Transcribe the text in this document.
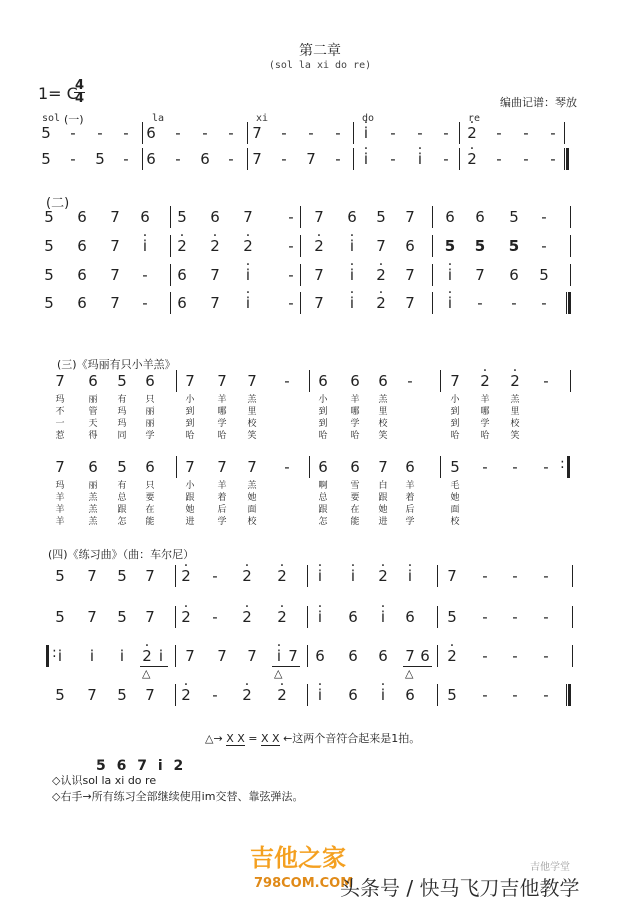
第二章
(sol la xi do re)
1= C
4
4	编曲记谱：琴放
sol (一)	la	xi	do	re
5 - - - 6 - - - 7 - - -	· i	- - - · 2 - - -
5 - 5 - 6 - 6 - 7 - 7 -	· i	-	· i	- · 2 - - -
(二)
5 6 7 6 5 6 7 - 7 6 5 7 6 6 5 -
5 6 7	· i	· 2 · 2 · 2 - · 2	· i	7 6 5 5 5 -
5 6 7 - 6 7	· i	- 7	· i	· 2 7	· i	7 6 5
5 6 7 - 6 7	· i	- 7	· i	· 2 7	· i	- - -
(三)《玛丽有只小羊羔》
7 6 5 6 7 7 7 - 6 6 6 -	7 · 2 · 2 -
玛	丽 有 只	小	羊 羔	小	羊 羔	小 羊 羔
不	管 玛 丽	到	哪 里	到	哪 里	到 哪 里
一	天 玛 丽	到	学 校	到	学 校	到 学 校
惹	得 同 学	哈	哈 笑	哈	哈 笑	哈 哈 笑
7 6 5 6 7 7 7 - 6 6 7 6 5 - - -
:
玛	丽 有 只	小	羊 羔	啊	雪 白 羊	毛
羊	羔 总 要	跟	着 她	总	要 跟 着	她
羊	羔 跟 在	她	后 面	跟	在 她 后	面
羊	羔 怎 能	进	学 校	怎	能 进 学	校
(四)《练习曲》（曲：车尔尼）
5 7 5 7 · 2 - · 2 · 2	· i	· i	· 2	· i	7 - - -
5 7 5 7 · 2 - · 2 · 2	· i	6	· i	6 5 - - -
i	i	i	· 2 i	7 7 7	· i 7 6 6 6 7 6 · 2 - - -
:
△	△	△
5 7 5 7 · 2 - · 2 · 2	· i	6	· i	6 5 - - -
△→ X X = X X ←这两个音符合起来是1拍。
5 6 7 i 2
◇认识sol la xi do re
◇右手→所有练习全部继续使用im交替、靠弦弹法。
吉他之家
798COM.COM
头条号 / 快马飞刀吉他教学
吉他学堂
